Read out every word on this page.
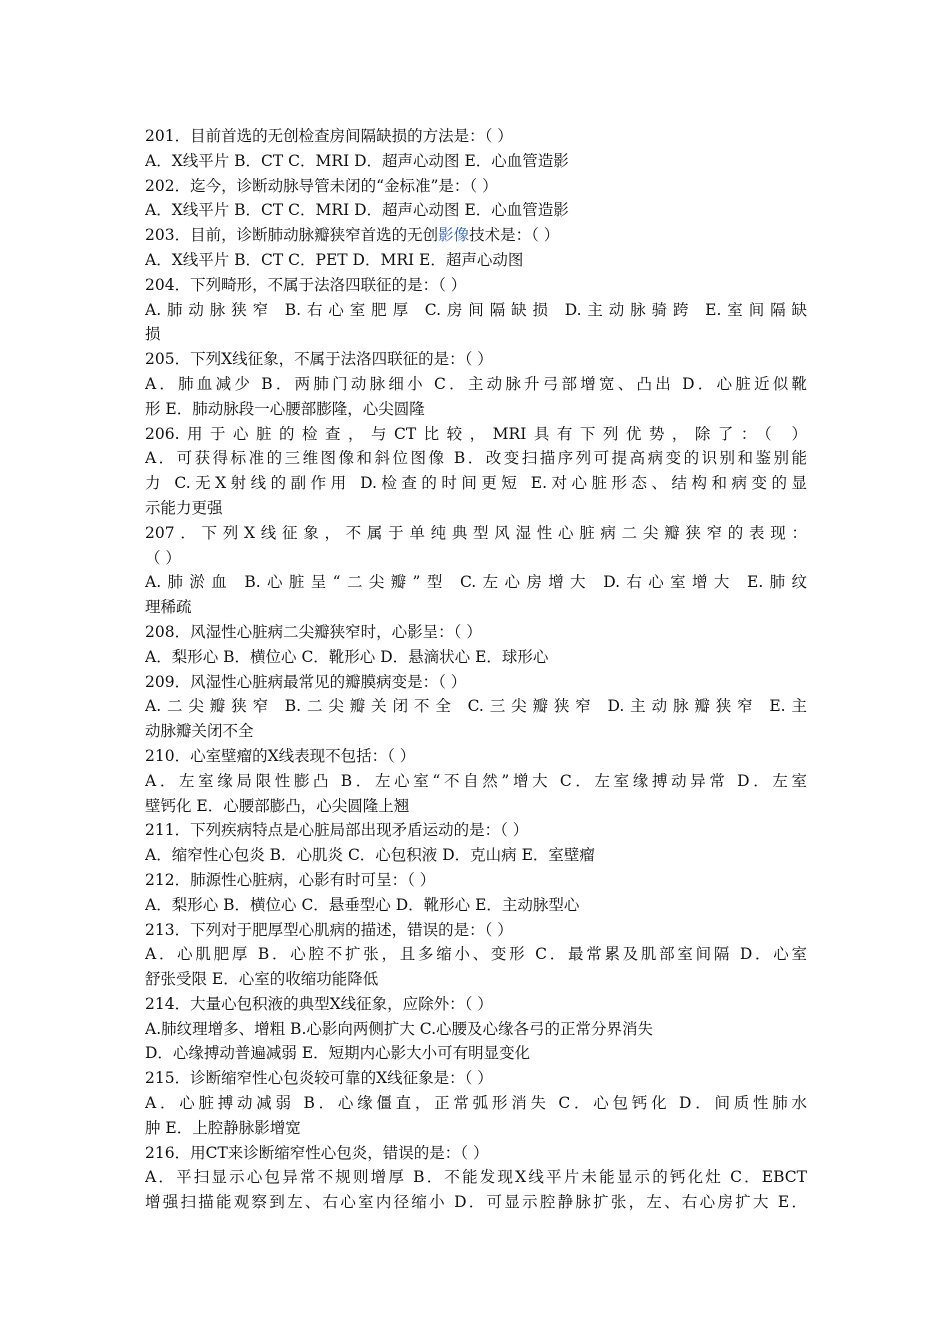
201．目前首选的无创检查房间隔缺损的方法是：（ ）
A．X线平片 B．CT C．MRI D．超声心动图 E．心血管造影
202．迄今，诊断动脉导管未闭的“金标准”是：（ ）
A．X线平片 B．CT C．MRI D．超声心动图 E．心血管造影
203．目前，诊断肺动脉瓣狭窄首选的无创影像技术是：（ ）
A．X线平片 B．CT C．PET D．MRI E．超声心动图
204．下列畸形，不属于法洛四联征的是：（ ）
A.肺动脉狭窄 B.右心室肥厚 C.房间隔缺损 D.主动脉骑跨 E.室间隔缺
损
205．下列X线征象，不属于法洛四联征的是：（ ）
A．肺血减少 B．两肺门动脉细小 C．主动脉升弓部增宽、凸出 D．心脏近似靴
形 E．肺动脉段一心腰部膨隆，心尖圆隆
206.用于心脏的检查，与CT比较，MRI具有下列优势，除了：（ ）
A．可获得标准的三维图像和斜位图像 B．改变扫描序列可提高病变的识别和鉴别能
力 C.无X射线的副作用 D.检查的时间更短 E.对心脏形态、结构和病变的显
示能力更强
207．下列X线征象，不属于单纯典型风湿性心脏病二尖瓣狭窄的表现：
（ ）
A.肺淤血 B.心脏呈“二尖瓣”型 C.左心房增大 D.右心室增大 E.肺纹
理稀疏
208．风湿性心脏病二尖瓣狭窄时，心影呈：（ ）
A．梨形心 B．横位心 C．靴形心 D．悬滴状心 E．球形心
209．风湿性心脏病最常见的瓣膜病变是：（ ）
A.二尖瓣狭窄 B.二尖瓣关闭不全 C.三尖瓣狭窄 D.主动脉瓣狭窄 E.主
动脉瓣关闭不全
210．心室壁瘤的X线表现不包括：（ ）
A．左室缘局限性膨凸 B．左心室“不自然”增大 C．左室缘搏动异常 D．左室
壁钙化 E．心腰部膨凸，心尖圆隆上翘
211．下列疾病特点是心脏局部出现矛盾运动的是：（ ）
A．缩窄性心包炎 B．心肌炎 C．心包积液 D．克山病 E．室壁瘤
212．肺源性心脏病，心影有时可呈：（ ）
A．梨形心 B．横位心 C．悬垂型心 D．靴形心 E．主动脉型心
213．下列对于肥厚型心肌病的描述，错误的是：（ ）
A．心肌肥厚 B．心腔不扩张，且多缩小、变形 C．最常累及肌部室间隔 D．心室
舒张受限 E．心室的收缩功能降低
214．大量心包积液的典型X线征象，应除外：（ ）
A.肺纹理增多、增粗 B.心影向两侧扩大 C.心腰及心缘各弓的正常分界消失
D．心缘搏动普遍减弱 E．短期内心影大小可有明显变化
215．诊断缩窄性心包炎较可靠的X线征象是：（ ）
A．心脏搏动减弱 B．心缘僵直，正常弧形消失 C．心包钙化 D．间质性肺水
肿 E．上腔静脉影增宽
216．用CT来诊断缩窄性心包炎，错误的是：（ ）
A．平扫显示心包异常不规则增厚 B．不能发现X线平片未能显示的钙化灶 C．EBCT
增强扫描能观察到左、右心室内径缩小 D．可显示腔静脉扩张，左、右心房扩大 E．
